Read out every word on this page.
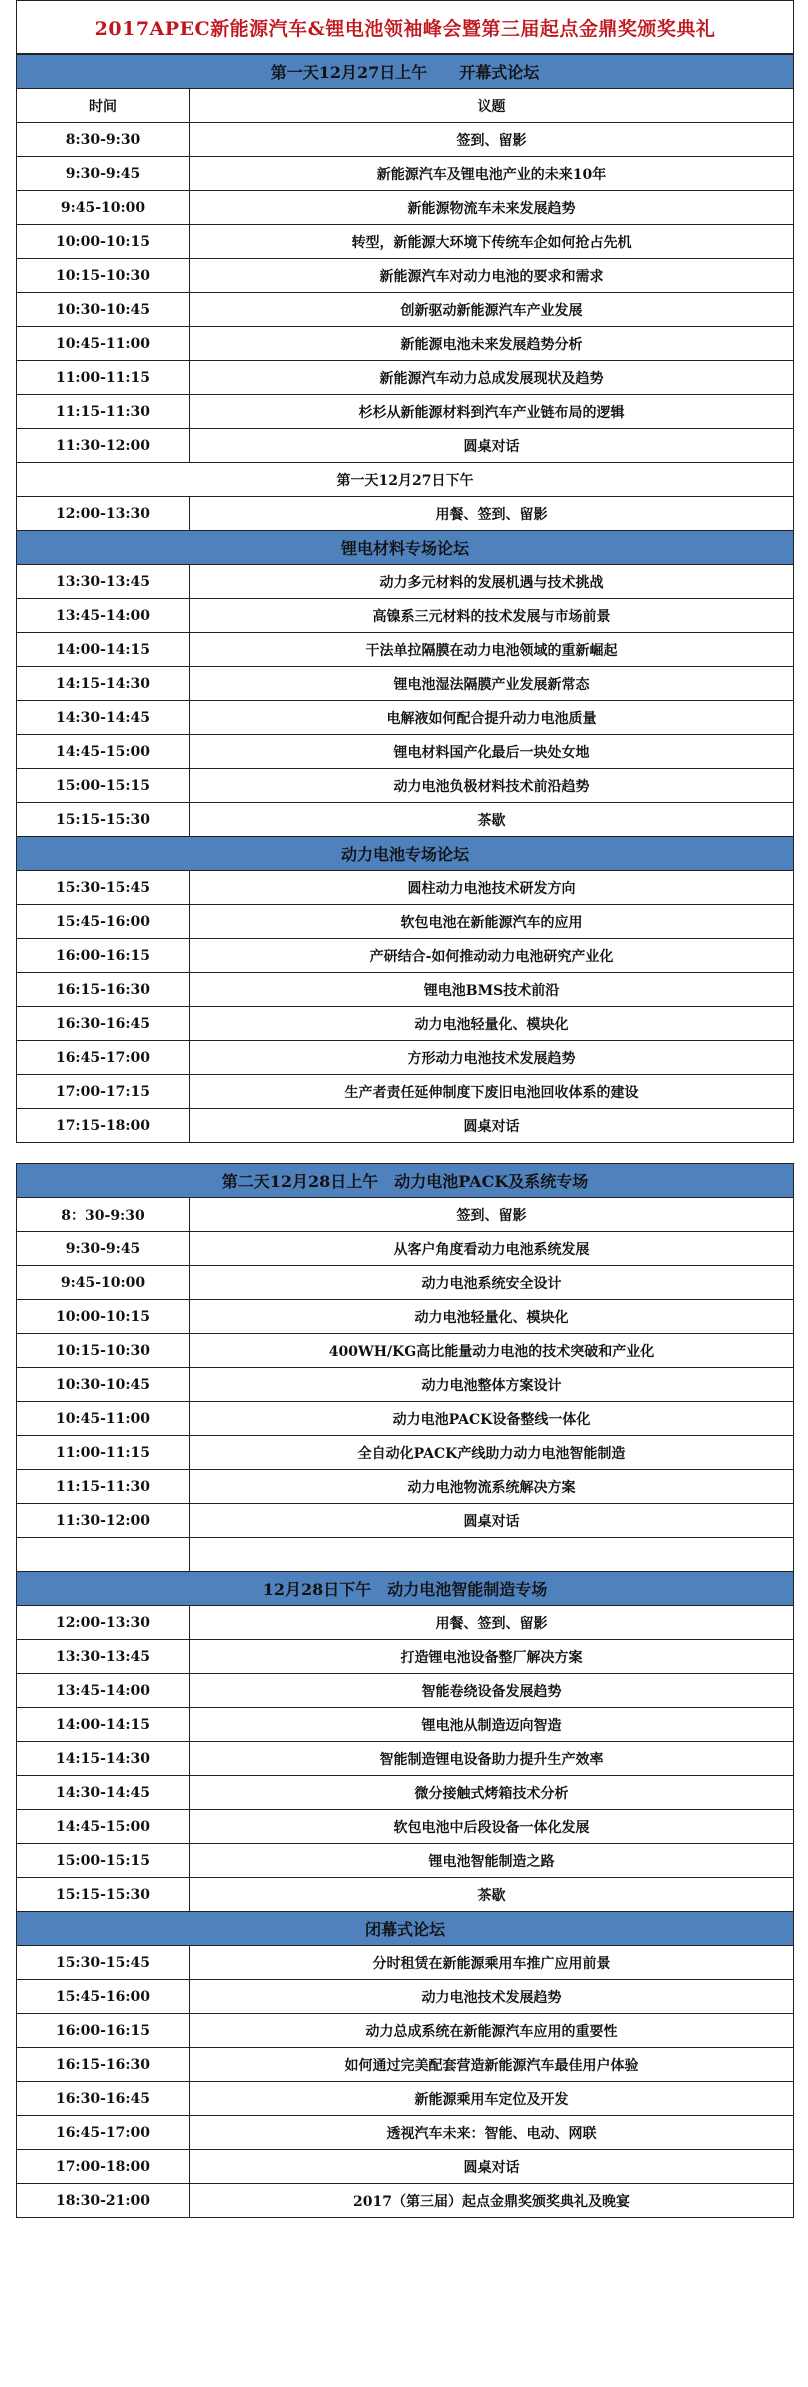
2017APEC新能源汽车&锂电池领袖峰会暨第三届起点金鼎奖颁奖典礼
第一天12月27日上午　　开幕式论坛	
时间	议题
8:30-9:30	签到、留影
9:30-9:45	新能源汽车及锂电池产业的未来10年
9:45-10:00	新能源物流车未来发展趋势
10:00-10:15	转型，新能源大环境下传统车企如何抢占先机
10:15-10:30	新能源汽车对动力电池的要求和需求
10:30-10:45	创新驱动新能源汽车产业发展
10:45-11:00	新能源电池未来发展趋势分析
11:00-11:15	新能源汽车动力总成发展现状及趋势
11:15-11:30	杉杉从新能源材料到汽车产业链布局的逻辑
11:30-12:00	圆桌对话
第一天12月27日下午	
12:00-13:30	用餐、签到、留影
锂电材料专场论坛	
13:30-13:45	动力多元材料的发展机遇与技术挑战
13:45-14:00	高镍系三元材料的技术发展与市场前景
14:00-14:15	干法单拉隔膜在动力电池领域的重新崛起
14:15-14:30	锂电池湿法隔膜产业发展新常态
14:30-14:45	电解液如何配合提升动力电池质量
14:45-15:00	锂电材料国产化最后一块处女地
15:00-15:15	动力电池负极材料技术前沿趋势
15:15-15:30	茶歇
动力电池专场论坛	
15:30-15:45	圆柱动力电池技术研发方向
15:45-16:00	软包电池在新能源汽车的应用
16:00-16:15	产研结合-如何推动动力电池研究产业化
16:15-16:30	锂电池BMS技术前沿
16:30-16:45	动力电池轻量化、模块化
16:45-17:00	方形动力电池技术发展趋势
17:00-17:15	生产者责任延伸制度下废旧电池回收体系的建设
17:15-18:00	圆桌对话
第二天12月28日上午　动力电池PACK及系统专场	
8：30-9:30	签到、留影
9:30-9:45	从客户角度看动力电池系统发展
9:45-10:00	动力电池系统安全设计
10:00-10:15	动力电池轻量化、模块化
10:15-10:30	400WH/KG高比能量动力电池的技术突破和产业化
10:30-10:45	动力电池整体方案设计
10:45-11:00	动力电池PACK设备整线一体化
11:00-11:15	全自动化PACK产线助力动力电池智能制造
11:15-11:30	动力电池物流系统解决方案
11:30-12:00	圆桌对话

12月28日下午　动力电池智能制造专场	
12:00-13:30	用餐、签到、留影
13:30-13:45	打造锂电池设备整厂解决方案
13:45-14:00	智能卷绕设备发展趋势
14:00-14:15	锂电池从制造迈向智造
14:15-14:30	智能制造锂电设备助力提升生产效率
14:30-14:45	微分接触式烤箱技术分析
14:45-15:00	软包电池中后段设备一体化发展
15:00-15:15	锂电池智能制造之路
15:15-15:30	茶歇
闭幕式论坛	
15:30-15:45	分时租赁在新能源乘用车推广应用前景
15:45-16:00	动力电池技术发展趋势
16:00-16:15	动力总成系统在新能源汽车应用的重要性
16:15-16:30	如何通过完美配套营造新能源汽车最佳用户体验
16:30-16:45	新能源乘用车定位及开发
16:45-17:00	透视汽车未来：智能、电动、网联
17:00-18:00	圆桌对话
18:30-21:00	2017（第三届）起点金鼎奖颁奖典礼及晚宴
